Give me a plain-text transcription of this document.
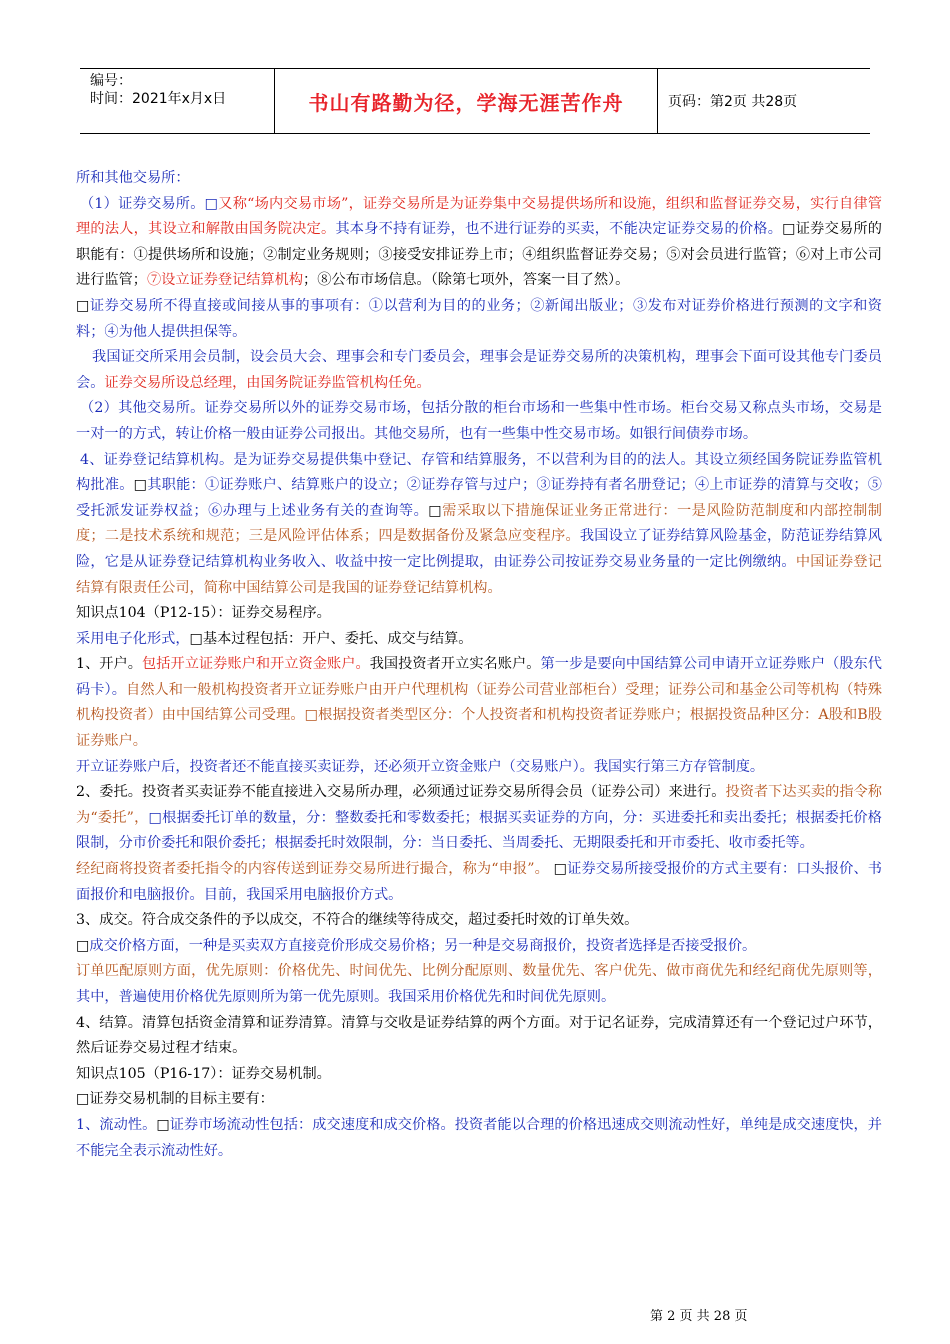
编号：
时间：2021年x月x日	书山有路勤为径，学海无涯苦作舟	页码：第2页 共28页

所和其他交易所：

（1）证券交易所。□又称“场内交易市场”，证券交易所是为证券集中交易提供场所和设施，组织和监督证券交易，实行自律管理的法人，其设立和解散由国务院决定。其本身不持有证券，也不进行证券的买卖，不能决定证券交易的价格。□证券交易所的职能有：①提供场所和设施；②制定业务规则；③接受安排证券上市；④组织监督证券交易；⑤对会员进行监管；⑥对上市公司进行监管；⑦设立证券登记结算机构；⑧公布市场信息。（除第七项外，答案一目了然）。

□证券交易所不得直接或间接从事的事项有：①以营利为目的的业务；②新闻出版业；③发布对证券价格进行预测的文字和资料；④为他人提供担保等。

我国证交所采用会员制，设会员大会、理事会和专门委员会，理事会是证券交易所的决策机构，理事会下面可设其他专门委员会。证券交易所设总经理，由国务院证券监管机构任免。

（2）其他交易所。证券交易所以外的证券交易市场，包括分散的柜台市场和一些集中性市场。柜台交易又称点头市场，交易是一对一的方式，转让价格一般由证券公司报出。其他交易所，也有一些集中性交易市场。如银行间债券市场。

4、证券登记结算机构。是为证券交易提供集中登记、存管和结算服务，不以营利为目的的法人。其设立须经国务院证券监管机构批准。□其职能：①证券账户、结算账户的设立；②证券存管与过户；③证券持有者名册登记；④上市证券的清算与交收；⑤受托派发证券权益；⑥办理与上述业务有关的查询等。□需采取以下措施保证业务正常进行：一是风险防范制度和内部控制制度；二是技术系统和规范；三是风险评估体系；四是数据备份及紧急应变程序。我国设立了证券结算风险基金，防范证券结算风险，它是从证券登记结算机构业务收入、收益中按一定比例提取，由证券公司按证券交易业务量的一定比例缴纳。中国证券登记结算有限责任公司，简称中国结算公司是我国的证券登记结算机构。

知识点104（P12-15）：证券交易程序。

采用电子化形式，□基本过程包括：开户、委托、成交与结算。

1、开户。包括开立证券账户和开立资金账户。我国投资者开立实名账户。第一步是要向中国结算公司申请开立证券账户（股东代码卡）。自然人和一般机构投资者开立证券账户由开户代理机构（证券公司营业部柜台）受理；证券公司和基金公司等机构（特殊机构投资者）由中国结算公司受理。□根据投资者类型区分：个人投资者和机构投资者证券账户；根据投资品种区分：A股和B股证券账户。

开立证券账户后，投资者还不能直接买卖证券，还必须开立资金账户（交易账户）。我国实行第三方存管制度。

2、委托。投资者买卖证券不能直接进入交易所办理，必须通过证券交易所得会员（证券公司）来进行。投资者下达买卖的指令称为“委托”，□根据委托订单的数量，分：整数委托和零数委托；根据买卖证券的方向，分：买进委托和卖出委托；根据委托价格限制，分市价委托和限价委托；根据委托时效限制，分：当日委托、当周委托、无期限委托和开市委托、收市委托等。

经纪商将投资者委托指令的内容传送到证券交易所进行撮合，称为“申报”。 □证券交易所接受报价的方式主要有：口头报价、书面报价和电脑报价。目前，我国采用电脑报价方式。

3、成交。符合成交条件的予以成交，不符合的继续等待成交，超过委托时效的订单失效。

□成交价格方面，一种是买卖双方直接竞价形成交易价格；另一种是交易商报价，投资者选择是否接受报价。

订单匹配原则方面，优先原则：价格优先、时间优先、比例分配原则、数量优先、客户优先、做市商优先和经纪商优先原则等，其中，普遍使用价格优先原则所为第一优先原则。我国采用价格优先和时间优先原则。

4、结算。清算包括资金清算和证券清算。清算与交收是证券结算的两个方面。对于记名证券，完成清算还有一个登记过户环节，然后证券交易过程才结束。

知识点105（P16-17）：证券交易机制。

□证券交易机制的目标主要有：

1、流动性。□证券市场流动性包括：成交速度和成交价格。投资者能以合理的价格迅速成交则流动性好，单纯是成交速度快，并不能完全表示流动性好。

第 2 页 共 28 页
